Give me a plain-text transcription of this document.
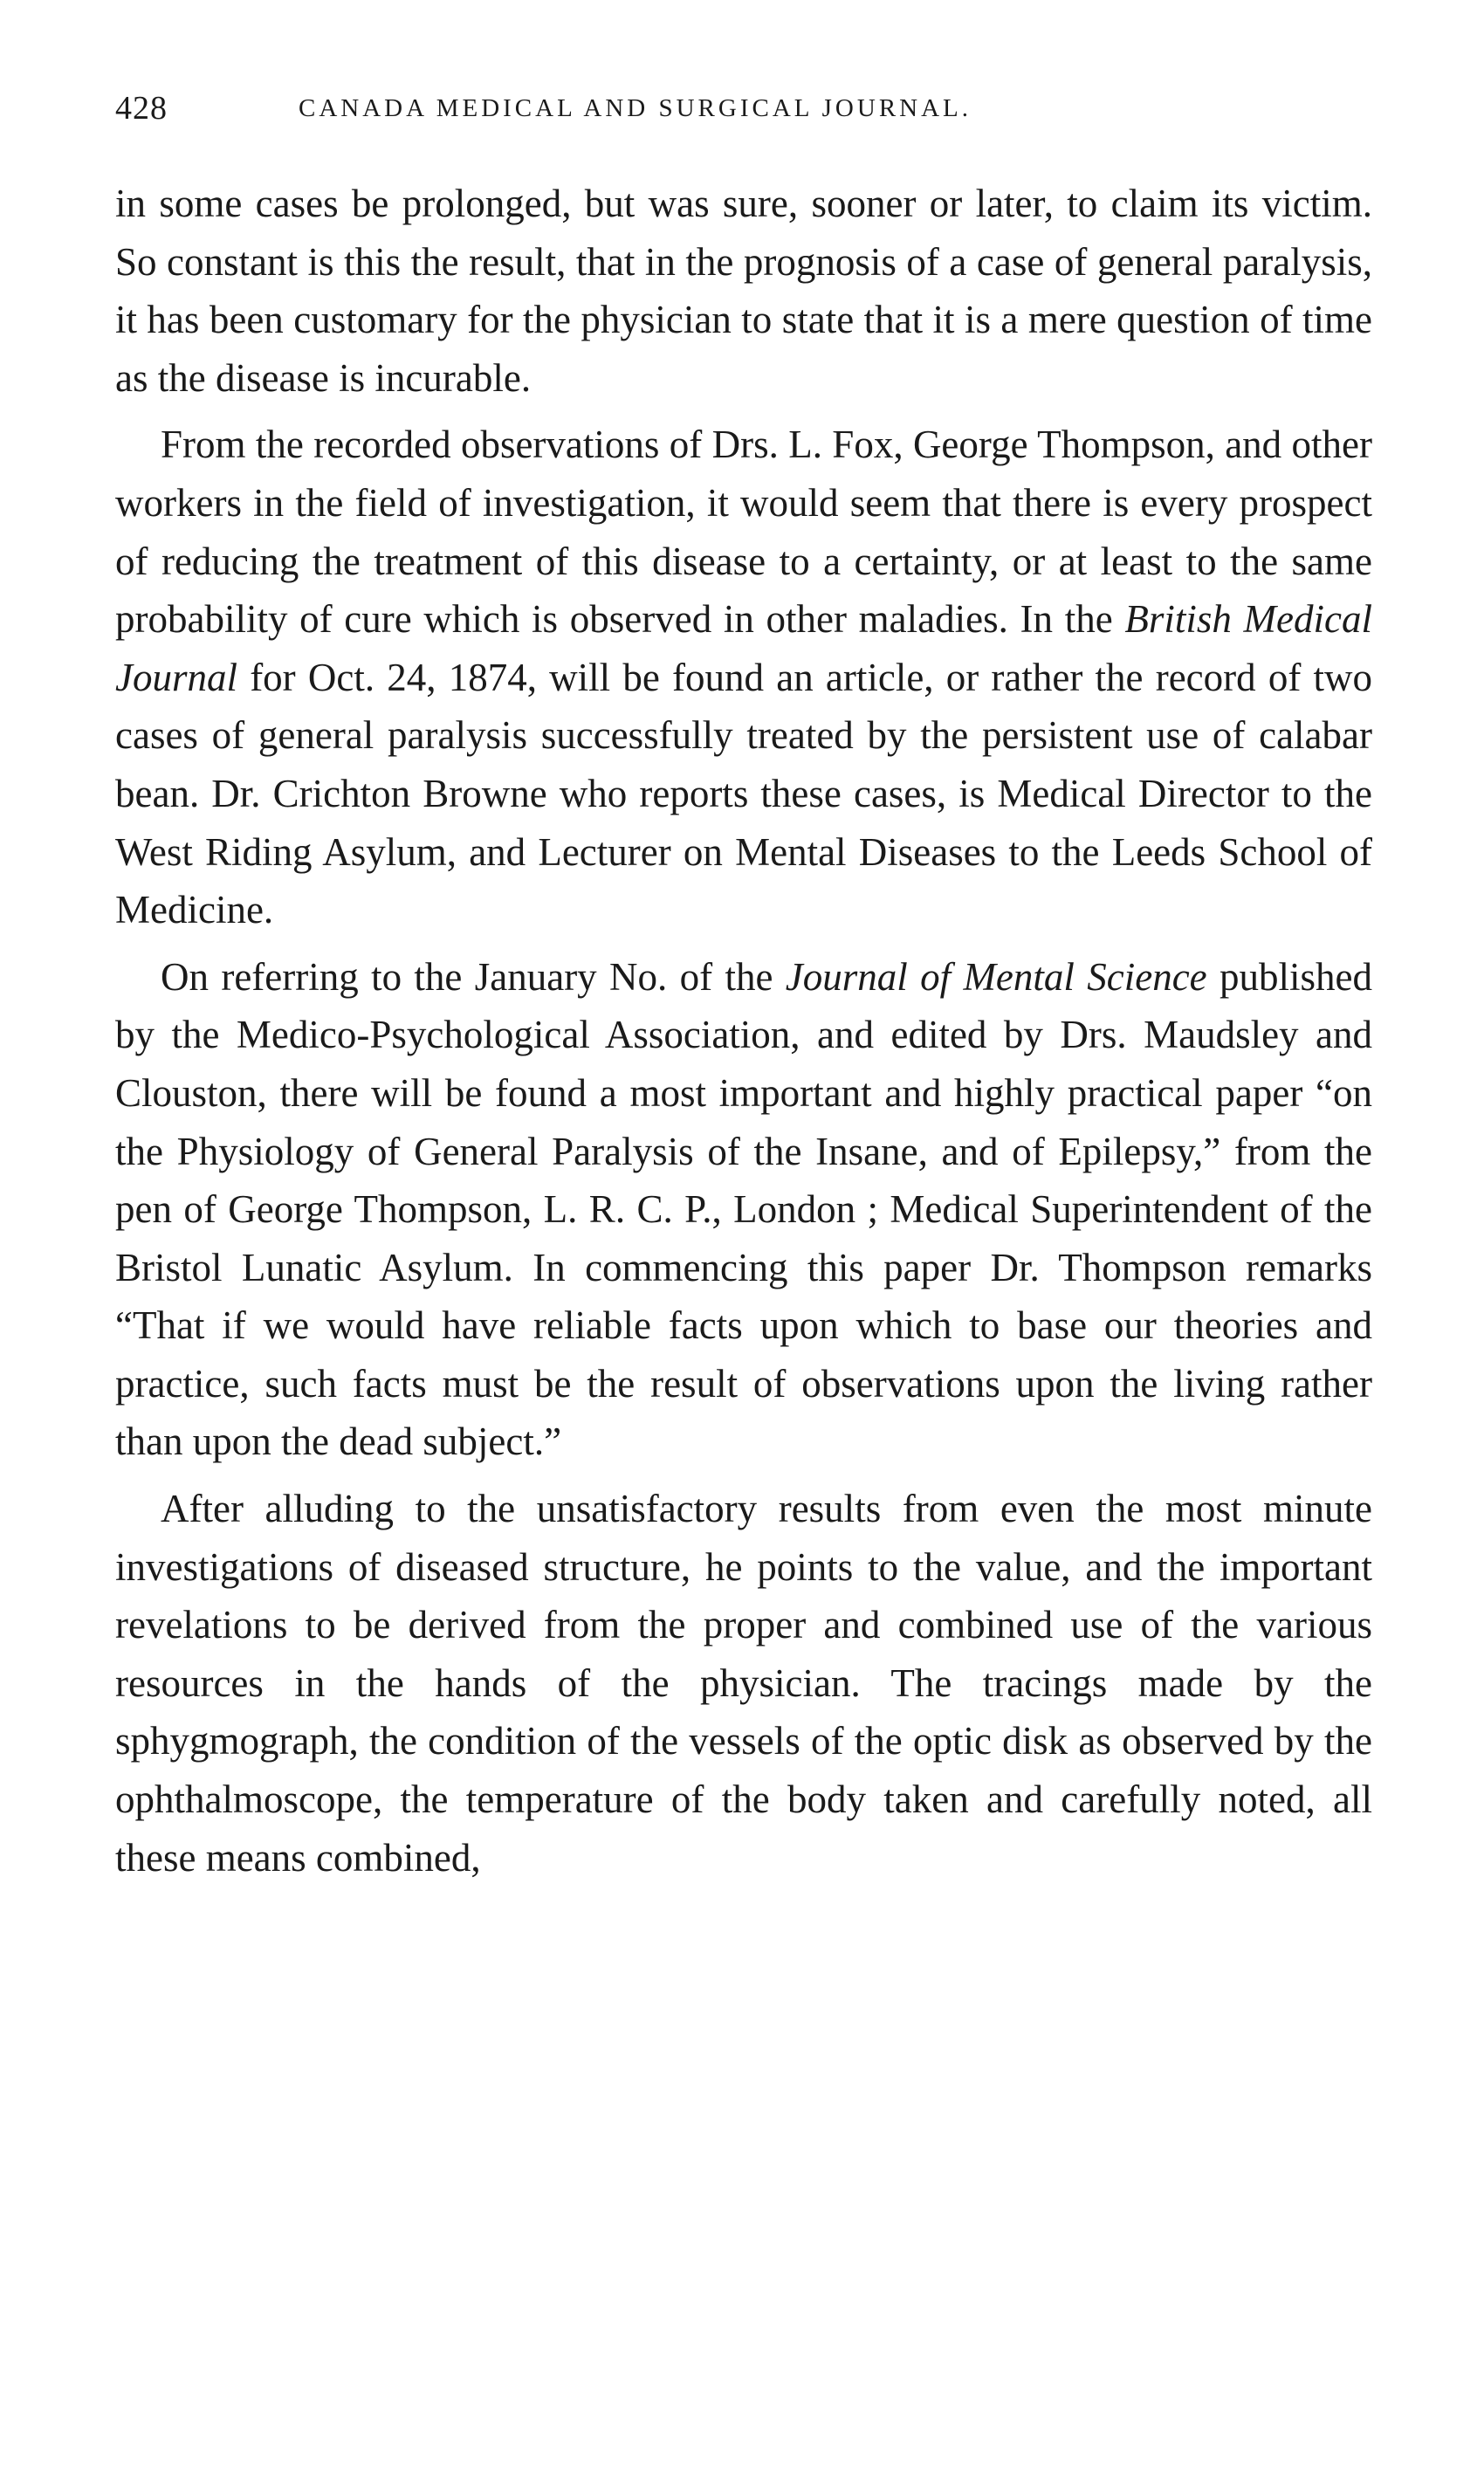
428	CANADA MEDICAL AND SURGICAL JOURNAL.

in some cases be prolonged, but was sure, sooner or later, to claim its victim. So constant is this the result, that in the prognosis of a case of general paralysis, it has been customary for the physician to state that it is a mere question of time as the disease is incurable.

From the recorded observations of Drs. L. Fox, George Thompson, and other workers in the field of investigation, it would seem that there is every prospect of reducing the treatment of this disease to a certainty, or at least to the same probability of cure which is observed in other maladies. In the British Medical Journal for Oct. 24, 1874, will be found an article, or rather the record of two cases of general paralysis successfully treated by the persistent use of calabar bean. Dr. Crichton Browne who reports these cases, is Medical Director to the West Riding Asylum, and Lecturer on Mental Diseases to the Leeds School of Medicine.

On referring to the January No. of the Journal of Mental Science published by the Medico-Psychological Association, and edited by Drs. Maudsley and Clouston, there will be found a most important and highly practical paper “on the Physiology of General Paralysis of the Insane, and of Epilepsy,” from the pen of George Thompson, L. R. C. P., London ; Medical Superintendent of the Bristol Lunatic Asylum. In commencing this paper Dr. Thompson remarks “That if we would have reliable facts upon which to base our theories and practice, such facts must be the result of observations upon the living rather than upon the dead subject.”

After alluding to the unsatisfactory results from even the most minute investigations of diseased structure, he points to the value, and the important revelations to be derived from the proper and combined use of the various resources in the hands of the physician. The tracings made by the sphygmograph, the condition of the vessels of the optic disk as observed by the ophthalmoscope, the temperature of the body taken and carefully noted, all these means combined,
